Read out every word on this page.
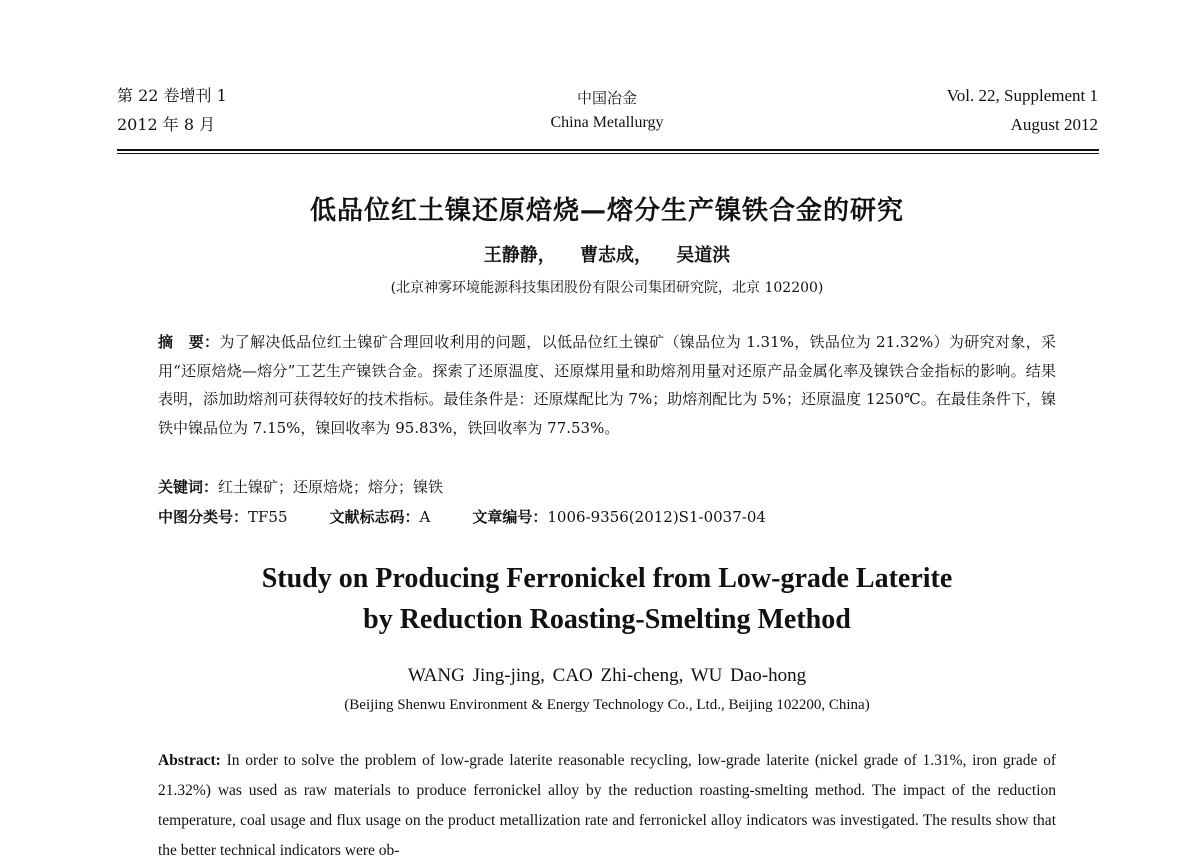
第 22 卷增刊 1
2012 年 8 月
中国冶金
China Metallurgy
Vol. 22, Supplement 1
August 2012
低品位红土镍还原焙烧—熔分生产镍铁合金的研究
王静静， 曹志成， 吴道洪
(北京神雾环境能源科技集团股份有限公司集团研究院，北京 102200)
摘　要：为了解决低品位红土镍矿合理回收利用的问题，以低品位红土镍矿（镍品位为 1.31%，铁品位为 21.32%）为研究对象，采用“还原焙烧—熔分”工艺生产镍铁合金。探索了还原温度、还原煤用量和助熔剂用量对还原产品金属化率及镍铁合金指标的影响。结果表明，添加助熔剂可获得较好的技术指标。最佳条件是：还原煤配比为 7%；助熔剂配比为 5%；还原温度 1250℃。在最佳条件下，镍铁中镍品位为 7.15%，镍回收率为 95.83%，铁回收率为 77.53%。
关键词：红土镍矿；还原焙烧；熔分；镍铁
中图分类号：TF55	文献标志码：A	文章编号：1006-9356(2012)S1-0037-04
Study on Producing Ferronickel from Low-grade Laterite
by Reduction Roasting-Smelting Method
WANG Jing-jing, CAO Zhi-cheng, WU Dao-hong
(Beijing Shenwu Environment & Energy Technology Co., Ltd., Beijing 102200, China)
Abstract: In order to solve the problem of low-grade laterite reasonable recycling, low-grade laterite (nickel grade of 1.31%, iron grade of 21.32%) was used as raw materials to produce ferronickel alloy by the reduction roasting-smelting method. The impact of the reduction temperature, coal usage and flux usage on the product metallization rate and ferronickel alloy indicators was investigated. The results show that the better technical indicators were ob-
